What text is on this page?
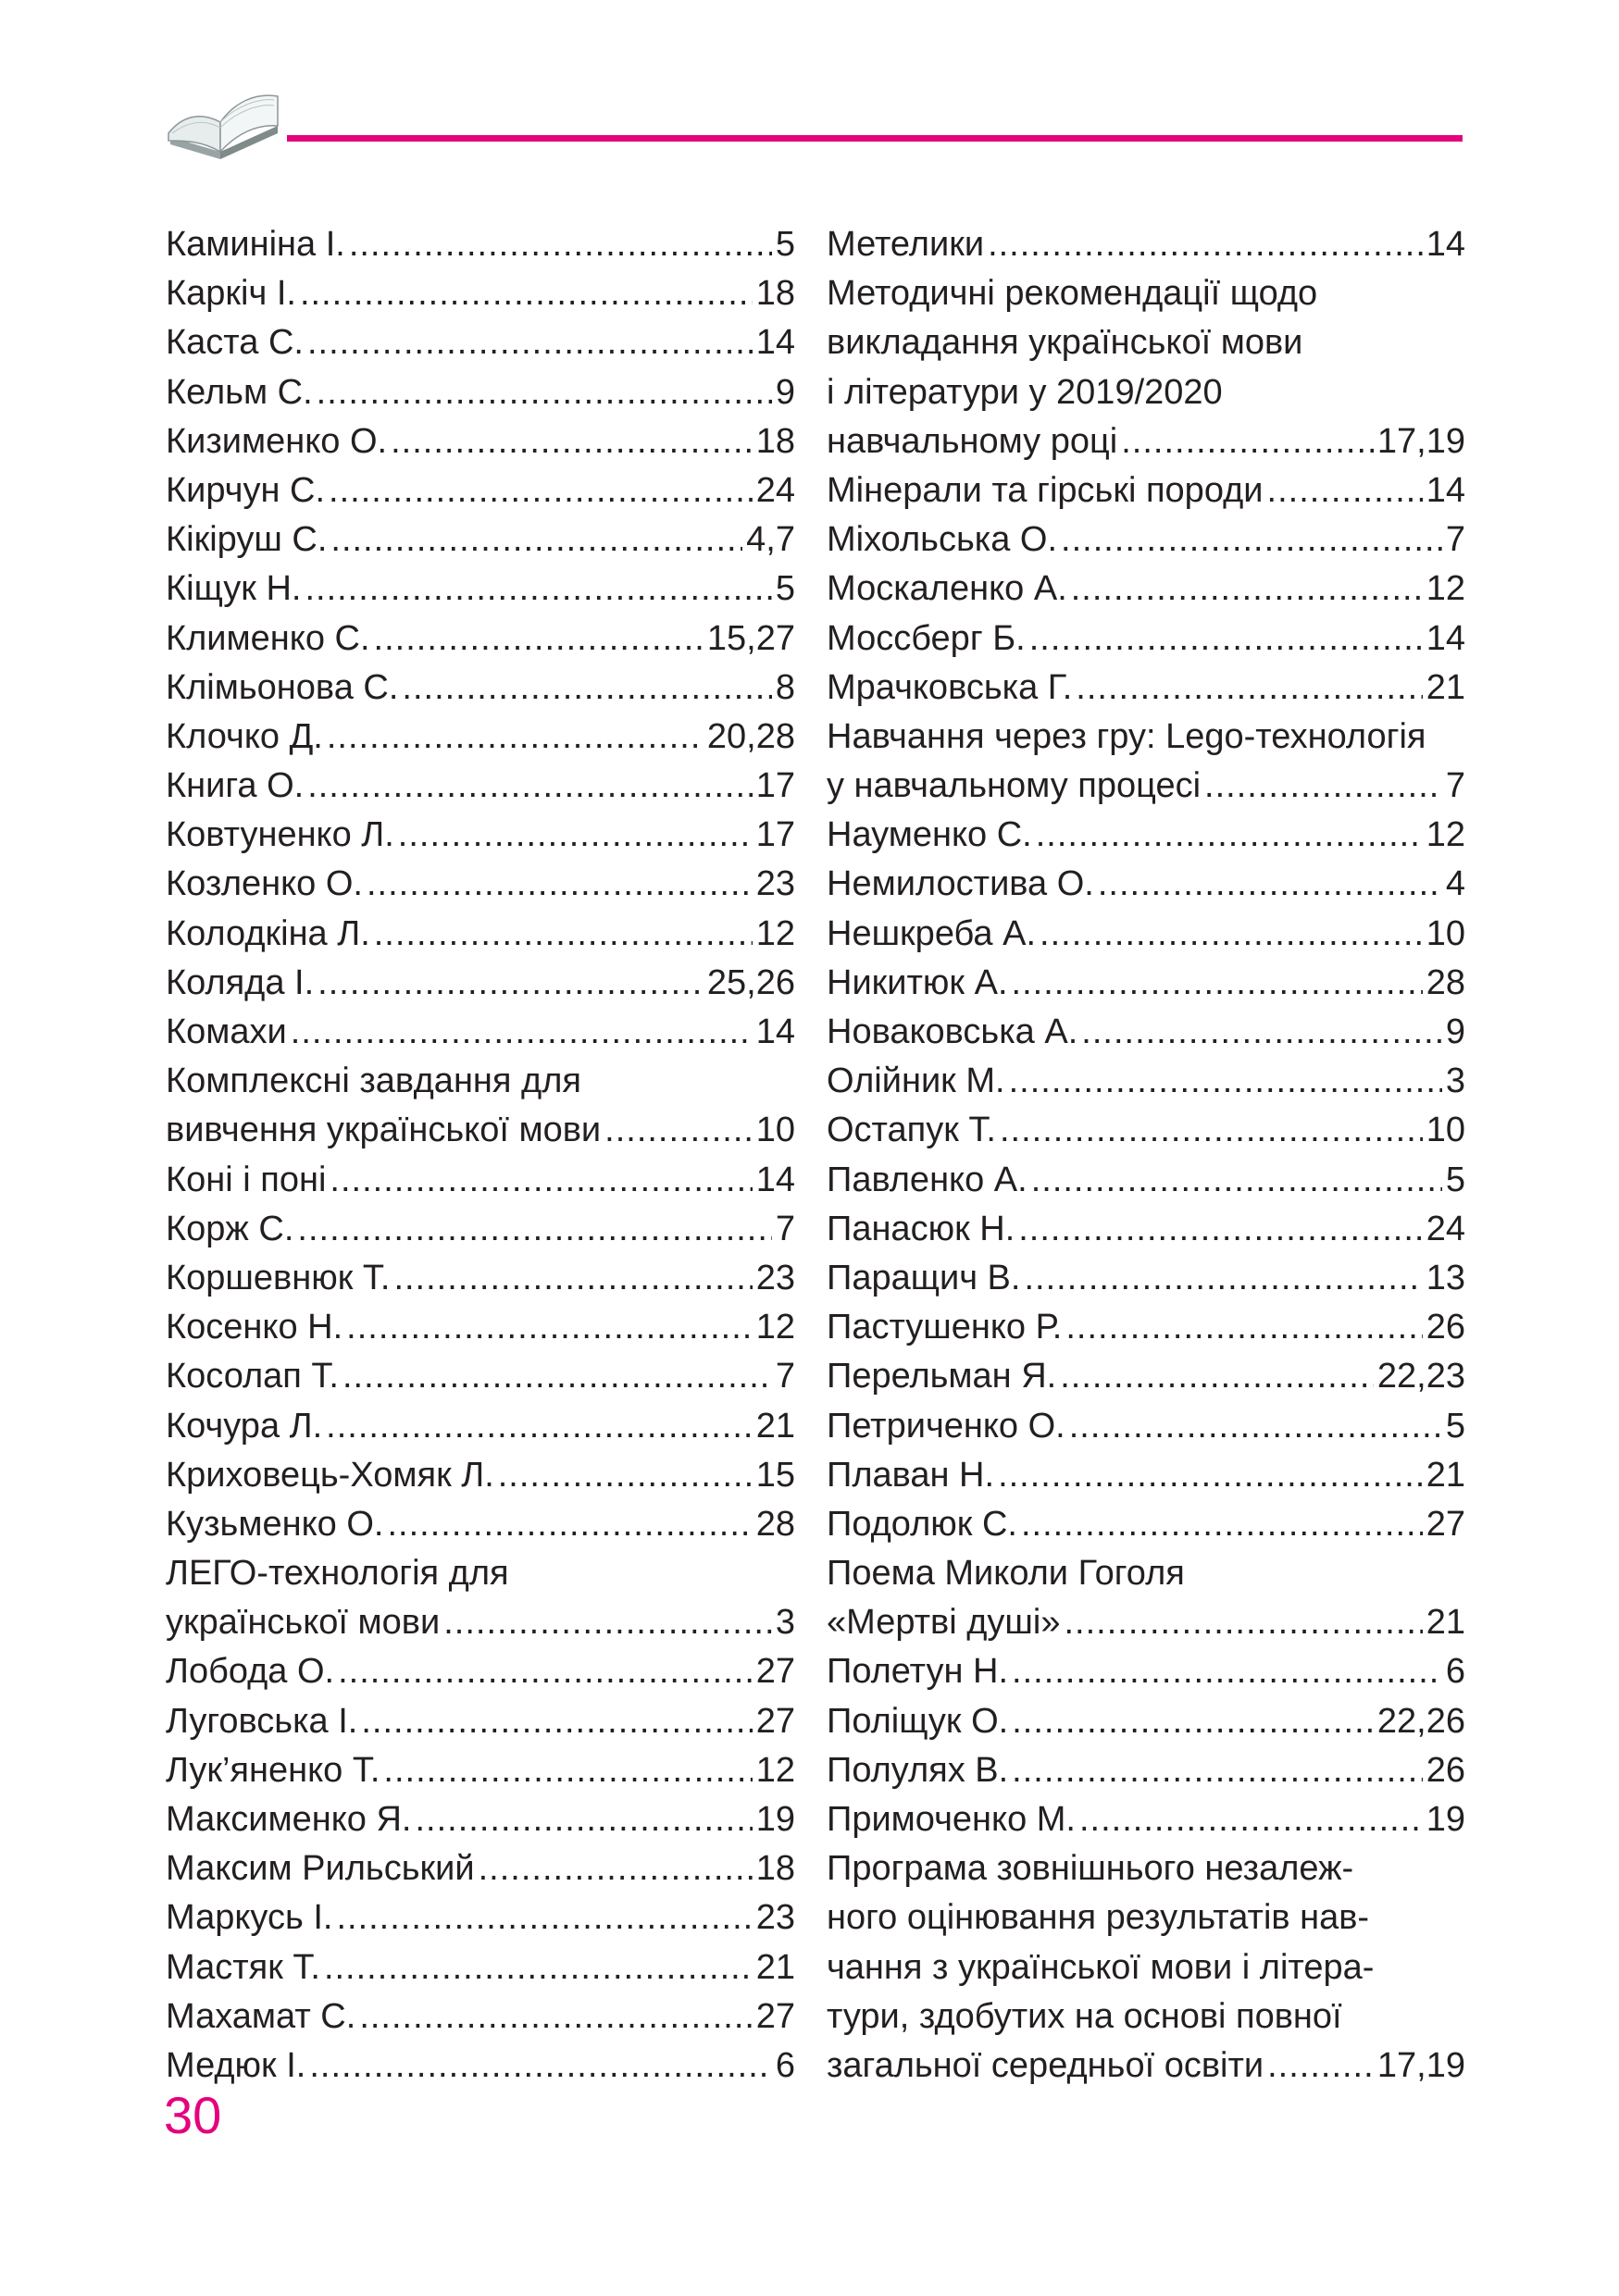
Каминіна І. .....	5
Каркіч І. .....	18
Каста С. .....	14
Кельм С. .....	9
Кизименко О. .....	18
Кирчун С. .....	24
Кікіруш С. .....	4,7
Кіщук Н. .....	5
Клименко С. .....	15,27
Клімьонова С. .....	8
Клочко Д. .....	20,28
Книга О. .....	17
Ковтуненко Л. .....	17
Козленко О. .....	23
Колодкіна Л. .....	12
Коляда І. .....	25,26
Комахи .....	14
Комплексні завдання для
вивчення української мови .....	10
Коні і поні .....	14
Корж С. .....	7
Коршевнюк Т. .....	23
Косенко Н. .....	12
Косолап Т. .....	7
Кочура Л. .....	21
Криховець-Хомяк Л. .....	15
Кузьменко О. .....	28
ЛЕГО-технологія для
української мови .....	3
Лобода О. .....	27
Луговська І. .....	27
Лук’яненко Т. .....	12
Максименко Я. .....	19
Максим Рильський .....	18
Маркусь І. .....	23
Мастяк Т. .....	21
Махамат С. .....	27
Медюк І. .....	6
Метелики .....	14
Методичні рекомендації щодо
викладання української мови
і літератури у 2019/2020
навчальному році .....	17,19
Мінерали та гірські породи .....	14
Міхольська О. .....	7
Москаленко А. .....	12
Моссберг Б. .....	14
Мрачковська Г. .....	21
Навчання через гру: Lego-технологія
у навчальному процесі .....	7
Науменко С. .....	12
Немилостива О. .....	4
Нешкреба А. .....	10
Никитюк А. .....	28
Новаковська А. .....	9
Олійник М. .....	3
Остапук Т. .....	10
Павленко А. .....	5
Панасюк Н. .....	24
Паращич В. .....	13
Пастушенко Р. .....	26
Перельман Я. .....	22,23
Петриченко О. .....	5
Плаван Н. .....	21
Подолюк С. .....	27
Поема Миколи Гоголя
«Мертві душі» .....	21
Полетун Н. .....	6
Поліщук О. .....	22,26
Полулях В. .....	26
Примоченко М. .....	19
Програма зовнішнього незалеж-
ного оцінювання результатів нав-
чання з української мови і літера-
тури, здобутих на основі повної
загальної середньої освіти .....	17,19
30
